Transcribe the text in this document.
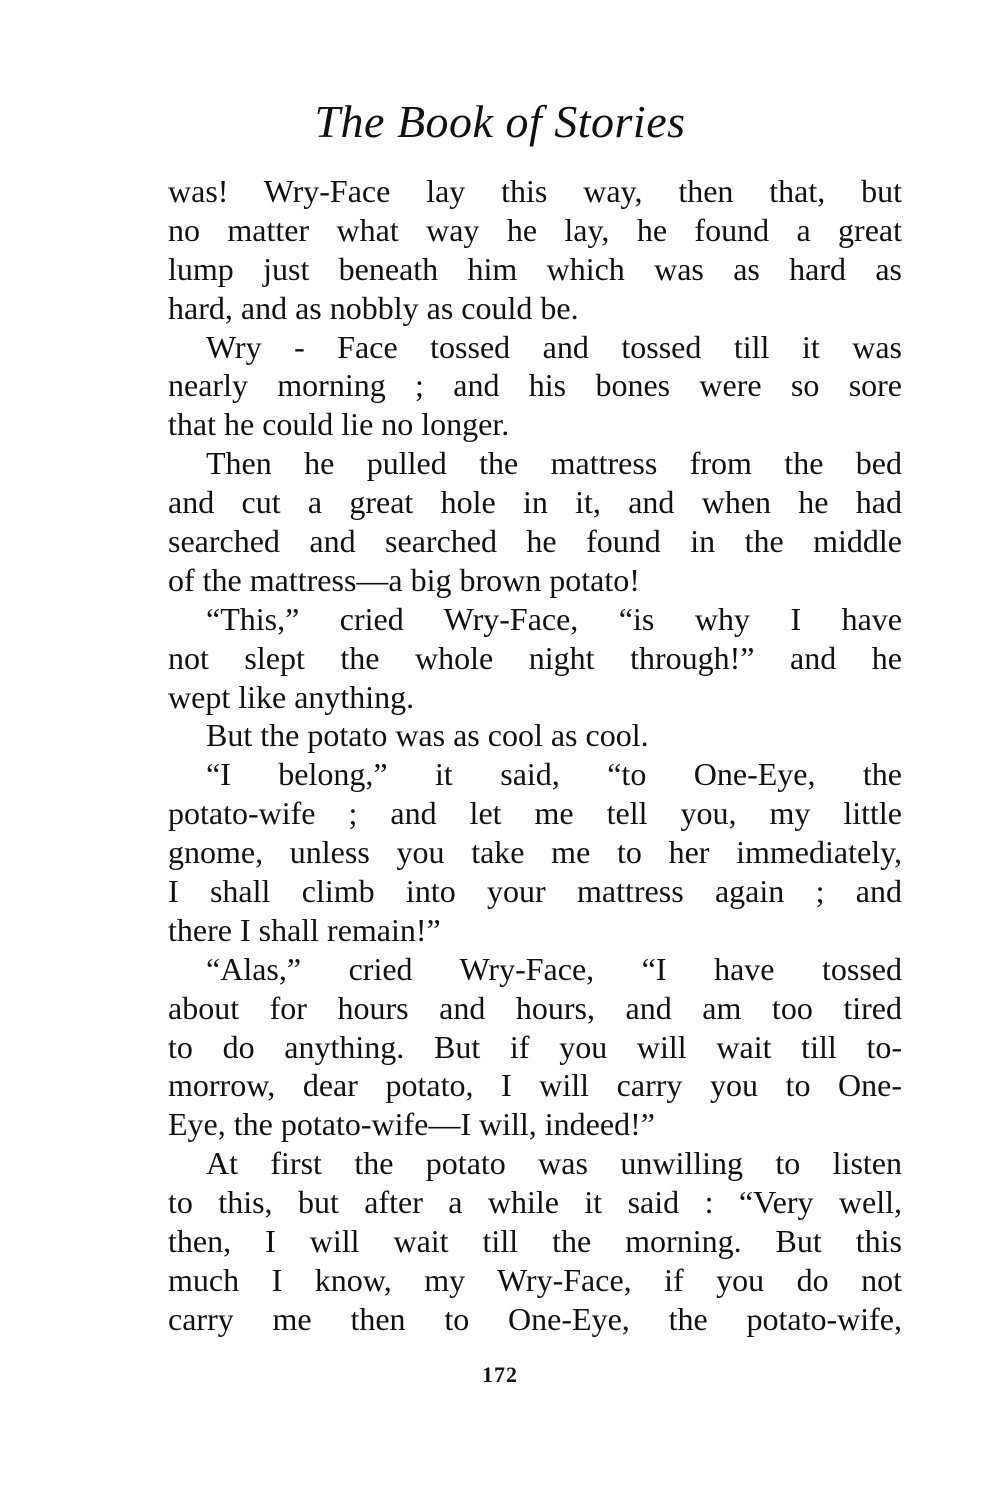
The Book of Stories
was! Wry-Face lay this way, then that, but
no matter what way he lay, he found a great
lump just beneath him which was as hard as
hard, and as nobbly as could be.
Wry - Face tossed and tossed till it was
nearly morning ; and his bones were so sore
that he could lie no longer.
Then he pulled the mattress from the bed
and cut a great hole in it, and when he had
searched and searched he found in the middle
of the mattress—a big brown potato!
“This,” cried Wry-Face, “is why I have
not slept the whole night through!” and he
wept like anything.
But the potato was as cool as cool.
“I belong,” it said, “to One-Eye, the
potato-wife ; and let me tell you, my little
gnome, unless you take me to her immediately,
I shall climb into your mattress again ; and
there I shall remain!”
“Alas,” cried Wry-Face, “I have tossed
about for hours and hours, and am too tired
to do anything. But if you will wait till to-
morrow, dear potato, I will carry you to One-
Eye, the potato-wife—I will, indeed!”
At first the potato was unwilling to listen
to this, but after a while it said : “Very well,
then, I will wait till the morning. But this
much I know, my Wry-Face, if you do not
carry me then to One-Eye, the potato-wife,
172
